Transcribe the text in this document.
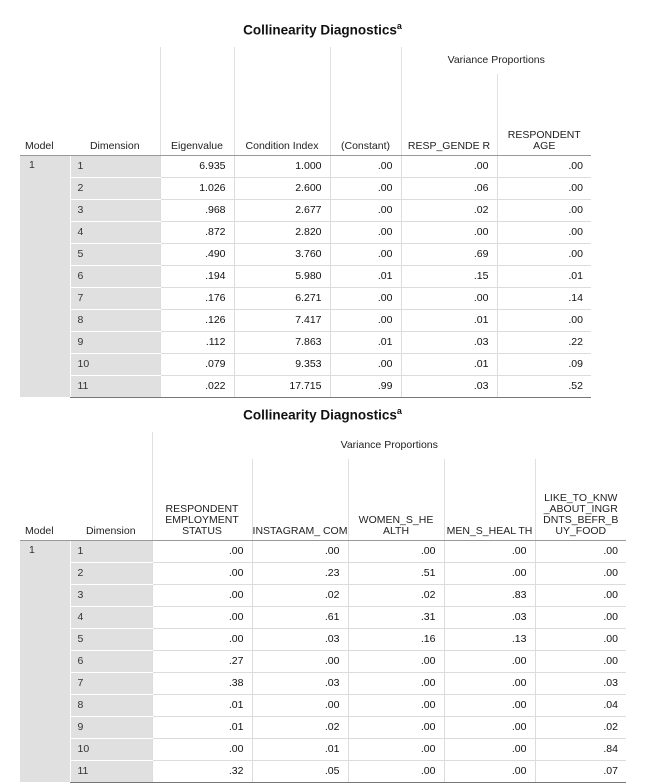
Collinearity Diagnostics$^a$
					Variance Proportions	
Model	Dimension	Eigenvalue	Condition Index	(Constant)	RESP_GENDE R	RESPONDENT AGE
1	1	6.935	1.000	.00	.00	.00
	2	1.026	2.600	.00	.06	.00
	3	.968	2.677	.00	.02	.00
	4	.872	2.820	.00	.00	.00
	5	.490	3.760	.00	.69	.00
	6	.194	5.980	.01	.15	.01
	7	.176	6.271	.00	.00	.14
	8	.126	7.417	.00	.01	.00
	9	.112	7.863	.01	.03	.22
	10	.079	9.353	.00	.01	.09
	11	.022	17.715	.99	.03	.52
Collinearity Diagnostics$^a$
		Variance Proportions				
Model	Dimension	RESPONDENT EMPLOYMENT STATUS	INSTAGRAM_ COM	WOMEN_S_HE ALTH	MEN_S_HEAL TH	LIKE_TO_KNW _ABOUT_INGR DNTS_BEFR_B UY_FOOD
1	1	.00	.00	.00	.00	.00
	2	.00	.23	.51	.00	.00
	3	.00	.02	.02	.83	.00
	4	.00	.61	.31	.03	.00
	5	.00	.03	.16	.13	.00
	6	.27	.00	.00	.00	.00
	7	.38	.03	.00	.00	.03
	8	.01	.00	.00	.00	.04
	9	.01	.02	.00	.00	.02
	10	.00	.01	.00	.00	.84
	11	.32	.05	.00	.00	.07
